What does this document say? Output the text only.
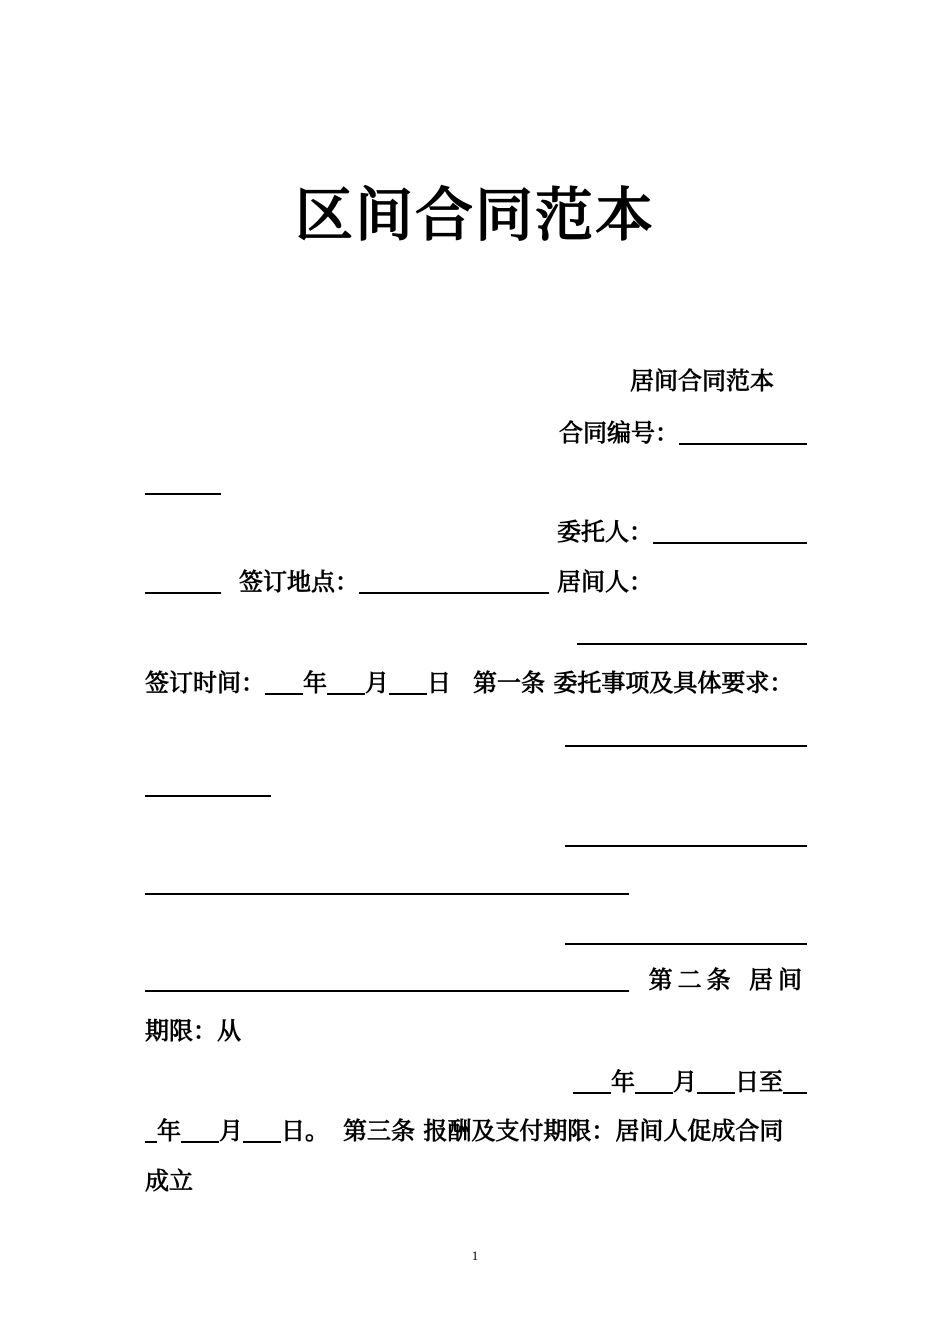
区间合同范本
居间合同范本
合同编号：
委托人：
签订地点：	居间人：
签订时间： 年 月 日 第一条 委托事项及具体要求：
第二条 居间
期限：从
年 月 日至
年 月 日。 第三条 报酬及支付期限：居间人促成合同
成立
1
